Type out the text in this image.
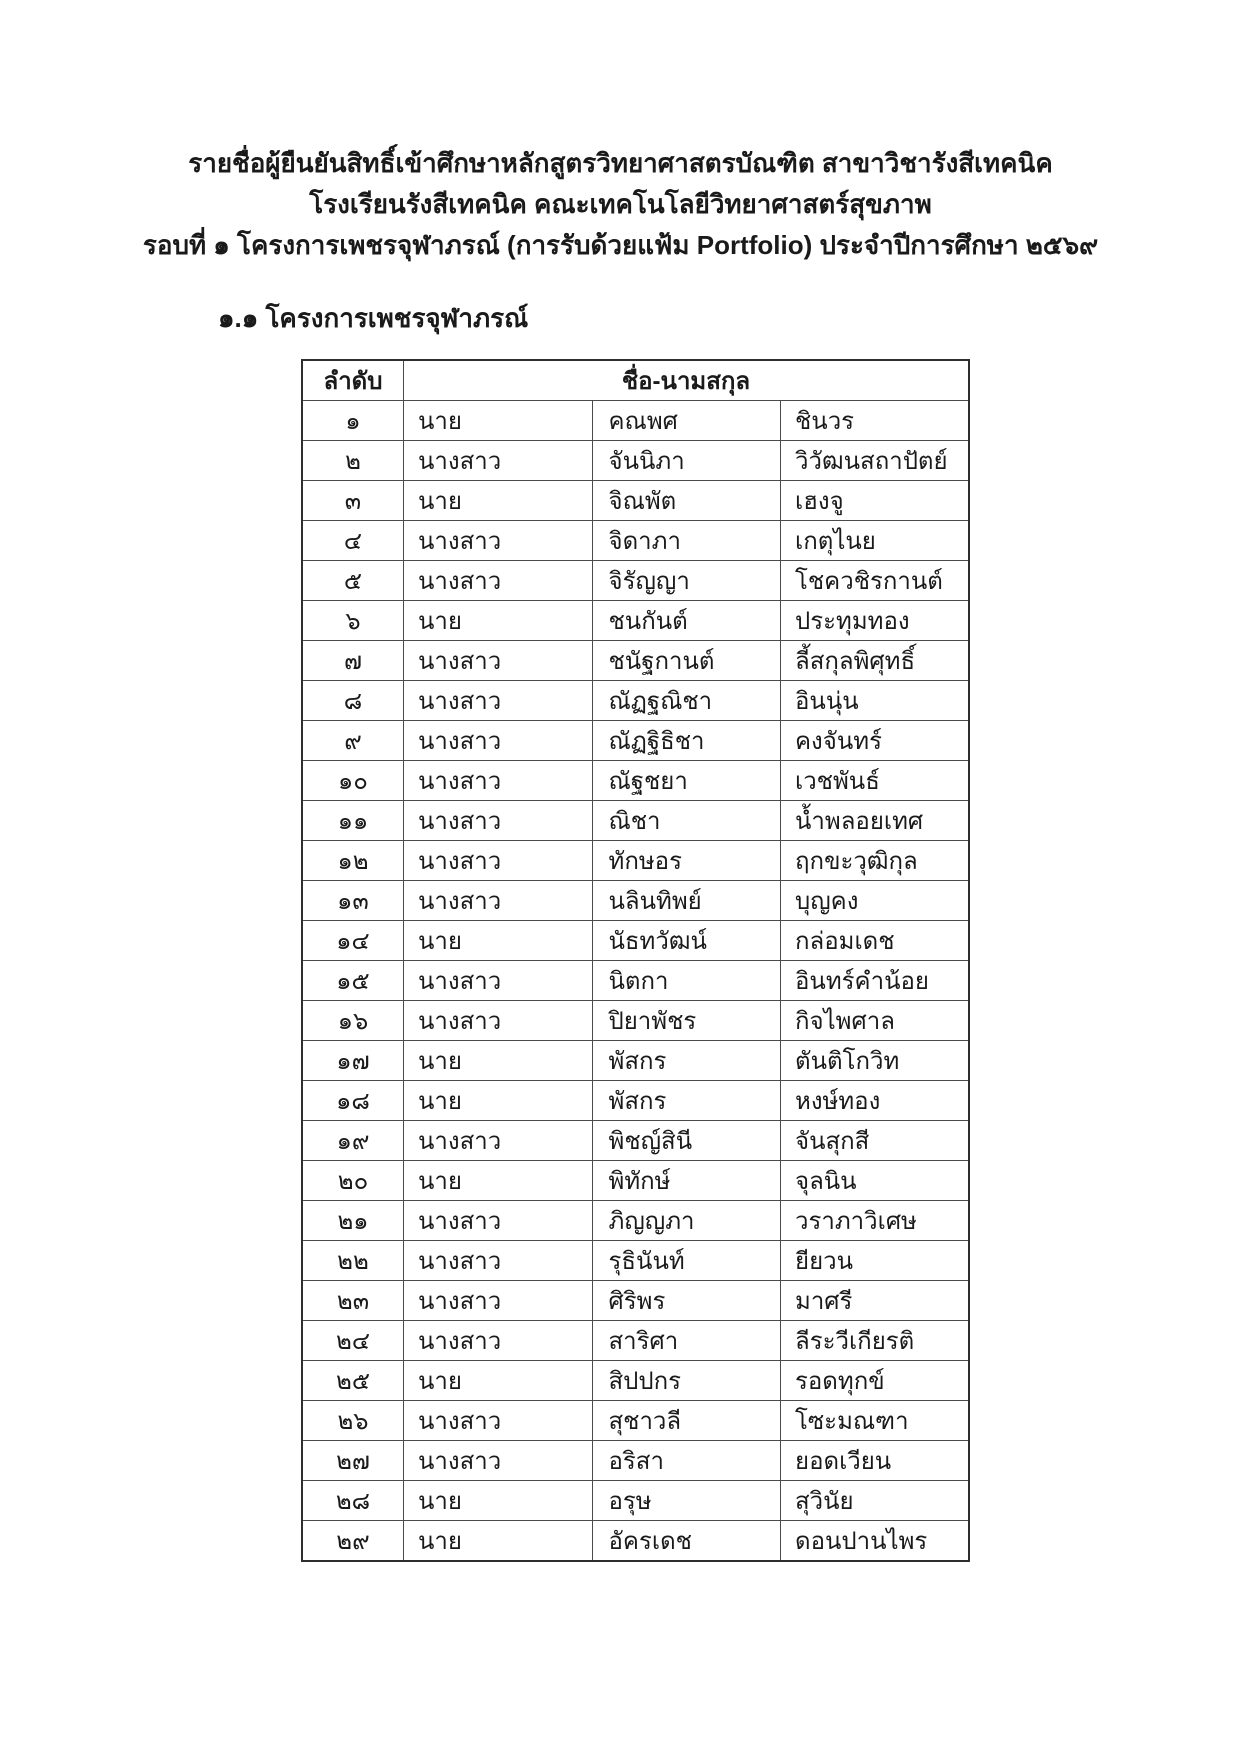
รายชื่อผู้ยืนยันสิทธิ์เข้าศึกษาหลักสูตรวิทยาศาสตรบัณฑิต สาขาวิชารังสีเทคนิค
โรงเรียนรังสีเทคนิค คณะเทคโนโลยีวิทยาศาสตร์สุขภาพ
รอบที่ ๑ โครงการเพชรจุฬาภรณ์ (การรับด้วยแฟ้ม Portfolio) ประจำปีการศึกษา ๒๕๖๙
๑.๑ โครงการเพชรจุฬาภรณ์
ลำดับ	ชื่อ-นามสกุล		
๑	นาย	คณพศ	ชินวร
๒	นางสาว	จันนิภา	วิวัฒนสถาปัตย์
๓	นาย	จิณพัต	เฮงจู
๔	นางสาว	จิดาภา	เกตุไนย
๕	นางสาว	จิรัญญา	โชควชิรกานต์
๖	นาย	ชนกันต์	ประทุมทอง
๗	นางสาว	ชนัฐกานต์	ลี้สกุลพิศุทธิ์
๘	นางสาว	ณัฏฐณิชา	อินนุ่น
๙	นางสาว	ณัฏฐิธิชา	คงจันทร์
๑๐	นางสาว	ณัฐชยา	เวชพันธ์
๑๑	นางสาว	ณิชา	น้ำพลอยเทศ
๑๒	นางสาว	ทักษอร	ฤกขะวุฒิกุล
๑๓	นางสาว	นลินทิพย์	บุญคง
๑๔	นาย	นัธทวัฒน์	กล่อมเดช
๑๕	นางสาว	นิตกา	อินทร์คำน้อย
๑๖	นางสาว	ปิยาพัชร	กิจไพศาล
๑๗	นาย	พัสกร	ตันติโกวิท
๑๘	นาย	พัสกร	หงษ์ทอง
๑๙	นางสาว	พิชญ์สินี	จันสุกสี
๒๐	นาย	พิทักษ์	จุลนิน
๒๑	นางสาว	ภิญญภา	วราภาวิเศษ
๒๒	นางสาว	รุธินันท์	ยียวน
๒๓	นางสาว	ศิริพร	มาศรี
๒๔	นางสาว	สาริศา	ลีระวีเกียรติ
๒๕	นาย	สิปปกร	รอดทุกข์
๒๖	นางสาว	สุชาวลี	โซะมณฑา
๒๗	นางสาว	อริสา	ยอดเวียน
๒๘	นาย	อรุษ	สุวินัย
๒๙	นาย	อัครเดช	ดอนปานไพร
